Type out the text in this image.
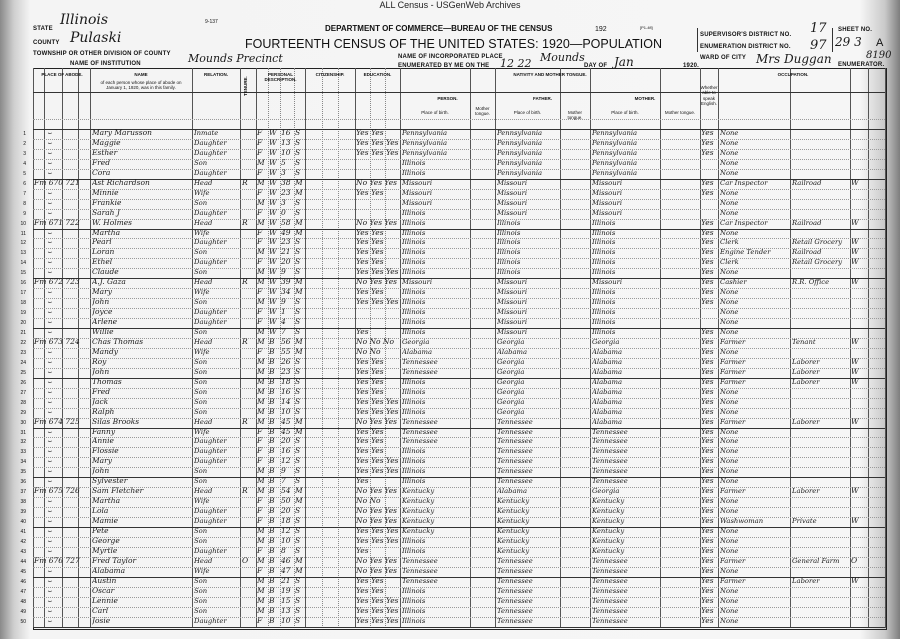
ALL Census - USGenWeb Archives
STATE
Illinois
COUNTY Pulaski
TOWNSHIP OR OTHER DIVISION OF COUNTY Mounds Precinct
NAME OF INSTITUTION
9-137
DEPARTMENT OF COMMERCE—BUREAU OF THE CENSUS
FOURTEENTH CENSUS OF THE UNITED STATES: 1920—POPULATION
192	[P1-4fl]
NAME OF INCORPORATED PLACE	Mounds
ENUMERATED BY ME ON THE 12 22	DAY OF Jan	1920.
WARD OF CITY Mrs Duggan ENUMERATOR.
SUPERVISOR'S DISTRICT NO. 17
ENUMERATION DISTRICT NO. 97
SHEET NO.
29 3 A
8190
PLACE OF ABODE.	NAME
of each person whose place of abode on January 1, 1920, was in this family.
RELATION.
TENURE.
PERSONAL DESCRIPTION.
CITIZENSHIP.	EDUCATION.	NATIVITY AND MOTHER TONGUE.
PERSON.	FATHER.	MOTHER.
Place of birth.
Mother tongue.	Place of birth.	Mother tongue.
Place of birth.	Mother tongue.
Whether able to speak English.
OCCUPATION.
1	⌣	Mary Marusson	Inmate	F W 16 S	Yes Yes	Pennsylvania	Pennsylvania	Pennsylvania	Yes None
2	⌣	Maggie	Daughter	F W 13 S	Yes Yes Yes Pennsylvania	Pennsylvania	Pennsylvania	Yes None
3	⌣	Esther	Daughter	F W 10 S	Yes Yes Yes Pennsylvania	Pennsylvania	Pennsylvania	Yes None
4	⌣	Fred	Son	M W 5	S	Illinois	Pennsylvania	Pennsylvania	None
5	⌣	Cora	Daughter	F W 3	S	Illinois	Pennsylvania	Pennsylvania	None
6 Fm 670 721	Ast Richardson	Head	R	M W 38 M	No Yes Yes Missouri	Missouri	Missouri	Yes Car Inspector	Railroad	W
7	⌣	Minnie	Wife	F W 23 M	Yes Yes	Missouri	Missouri	Missouri	Yes None
8	⌣	Frankie	Son	M W 3	S	Missouri	Missouri	Missouri	None
9	⌣	Sarah J	Daughter	F W 0	S	Illinois	Missouri	Missouri	None
10 Fm 671 722	W. Holmes	Head	R	M W 58 M	No Yes Yes Illinois	Illinois	Illinois	Yes Car Inspector	Railroad	W
11	⌣	Martha	Wife	F W 49 M	Yes Yes	Illinois	Illinois	Illinois	Yes None
12	⌣	Pearl	Daughter	F W 23 S	Yes Yes	Illinois	Illinois	Illinois	Yes Clerk	Retail Grocery	W
13	⌣	Loran	Son	M W 21 S	Yes Yes	Illinois	Illinois	Illinois	Yes Engine Tender	Railroad	W
14	⌣	Ethel	Daughter	F W 20 S	Yes Yes	Illinois	Illinois	Illinois	Yes Clerk	Retail Grocery	W
15	⌣	Claude	Son	M W 9	S	Yes Yes Yes Illinois	Illinois	Illinois	Yes None
16 Fm 672 723	A.J. Gaza	Head	R	M W 39 M	No Yes Yes Missouri	Missouri	Missouri	Yes Cashier	R.R. Office	W
17	⌣	Mary	Wife	F W 34 M	Yes Yes	Illinois	Missouri	Illinois	Yes None
18	⌣	John	Son	M W 9	S	Yes Yes Yes Illinois	Missouri	Illinois	Yes None
19	⌣	Joyce	Daughter	F W 1	S	Illinois	Missouri	Illinois	None
20	⌣	Arlene	Daughter	F W 4	S	Illinois	Missouri	Illinois	None
21	⌣	Willie	Son	M W 7	S	Yes	Illinois	Missouri	Illinois	Yes None
22 Fm 673 724	Chas Thomas	Head	R	M B 56 M	No No No	Georgia	Georgia	Georgia	Yes Farmer	Tenant	W
23	⌣	Mandy	Wife	F B 55 M	No No	Alabama	Alabama	Alabama	Yes None
24	⌣	Roy	Son	M B 26 S	Yes Yes	Tennessee	Georgia	Alabama	Yes Farmer	Laborer	W
25	⌣	John	Son	M B 23 S	Yes Yes	Tennessee	Georgia	Alabama	Yes Farmer	Laborer	W
26	⌣	Thomas	Son	M B 18 S	Yes Yes	Illinois	Georgia	Alabama	Yes Farmer	Laborer	W
27	⌣	Fred	Son	M B 16 S	Yes Yes	Illinois	Georgia	Alabama	Yes None
28	⌣	Jack	Son	M B 14 S	Yes Yes Yes Illinois	Georgia	Alabama	Yes None
29	⌣	Ralph	Son	M B 10 S	Yes Yes Yes Illinois	Georgia	Alabama	Yes None
30 Fm 674 725	Silas Brooks	Head	R	M B 45 M	No Yes Yes Tennessee	Tennessee	Alabama	Yes Farmer	Laborer	W
31	⌣	Fanny	Wife	F B 45 M	Yes Yes	Tennessee	Tennessee	Tennessee	Yes None
32	⌣	Annie	Daughter	F B 20 S	Yes Yes	Tennessee	Tennessee	Tennessee	Yes None
33	⌣	Flossie	Daughter	F B 16 S	Yes Yes	Illinois	Tennessee	Tennessee	Yes None
34	⌣	Mary	Daughter	F B 12 S	Yes Yes Yes Illinois	Tennessee	Tennessee	Yes None
35	⌣	John	Son	M B 9	S	Yes Yes Yes Illinois	Tennessee	Tennessee	Yes None
36	⌣	Sylvester	Son	M B 7	S	Yes	Illinois	Tennessee	Tennessee	Yes None
37 Fm 675 726	Sam Fletcher	Head	R	M B 54 M	No Yes Yes Kentucky	Alabama	Georgia	Yes Farmer	Laborer	W
38	⌣	Martha	Wife	F B 50 M	No No	Kentucky	Kentucky	Kentucky	Yes None
39	⌣	Lola	Daughter	F B 20 S	No Yes Yes Kentucky	Kentucky	Kentucky	Yes None
40	⌣	Mamie	Daughter	F B 18 S	No Yes Yes Kentucky	Kentucky	Kentucky	Yes Washwoman	Private	W
41	⌣	Pete	Son	M B 12 S	Yes Yes Yes Kentucky	Kentucky	Kentucky	Yes None
42	⌣	George	Son	M B 10 S	Yes Yes Yes Illinois	Kentucky	Kentucky	Yes None
43	⌣	Myrtle	Daughter	F B 8	S	Yes	Illinois	Kentucky	Kentucky	Yes None
44 Fm 676 727	Fred Taylor	Head	O	M B 46 M	No Yes Yes Tennessee	Tennessee	Tennessee	Yes Farmer	General Farm	O
45	⌣	Alabama	Wife	F B 47 M	No Yes Yes Tennessee	Tennessee	Tennessee	Yes None
46	⌣	Austin	Son	M B 21 S	Yes Yes	Tennessee	Tennessee	Tennessee	Yes Farmer	Laborer	W
47	⌣	Oscar	Son	M B 19 S	Yes Yes	Illinois	Tennessee	Tennessee	Yes None
48	⌣	Lennie	Son	M B 15 S	Yes Yes Yes Illinois	Tennessee	Tennessee	Yes None
49	⌣	Carl	Son	M B 13 S	Yes Yes Yes Illinois	Tennessee	Tennessee	Yes None
50	⌣	Josie	Daughter	F B 10 S	Yes Yes Yes Illinois	Tennessee	Tennessee	Yes None
